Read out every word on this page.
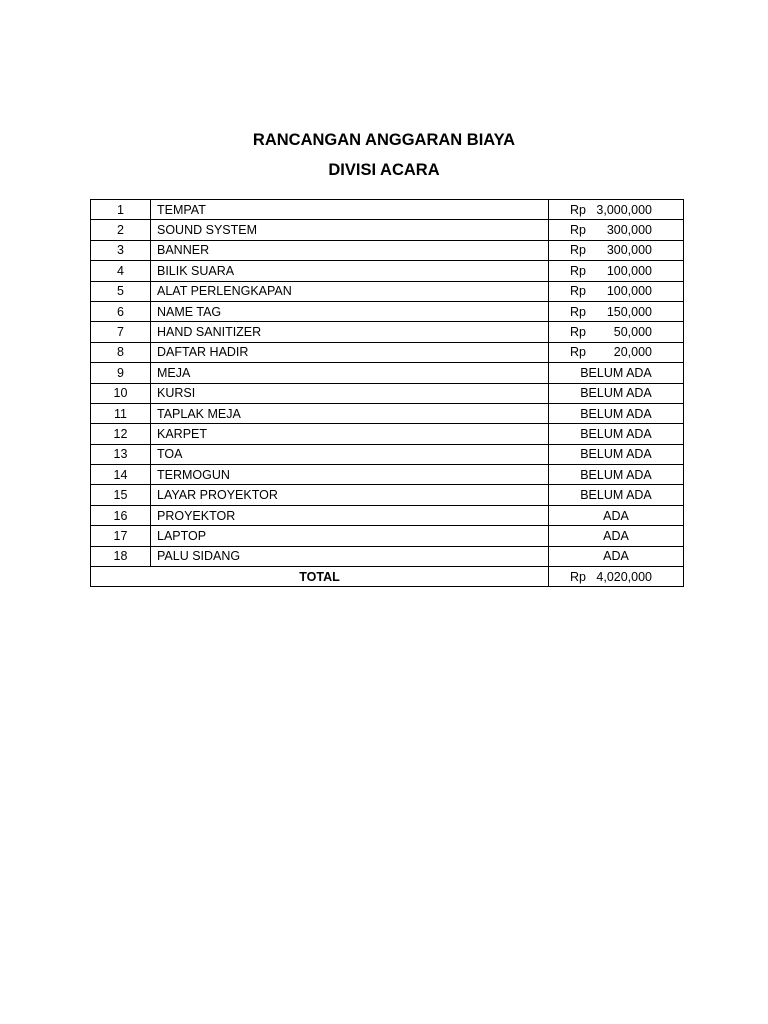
RANCANGAN ANGGARAN BIAYA
DIVISI ACARA
1	TEMPAT	Rp 3,000,000
2	SOUND SYSTEM	Rp 300,000
3	BANNER	Rp 300,000
4	BILIK SUARA	Rp 100,000
5	ALAT PERLENGKAPAN	Rp 100,000
6	NAME TAG	Rp 150,000
7	HAND SANITIZER	Rp 50,000
8	DAFTAR HADIR	Rp 20,000
9	MEJA	BELUM ADA
10	KURSI	BELUM ADA
11	TAPLAK MEJA	BELUM ADA
12	KARPET	BELUM ADA
13	TOA	BELUM ADA
14	TERMOGUN	BELUM ADA
15	LAYAR PROYEKTOR	BELUM ADA
16	PROYEKTOR	ADA
17	LAPTOP	ADA
18	PALU SIDANG	ADA
TOTAL		Rp 4,020,000
